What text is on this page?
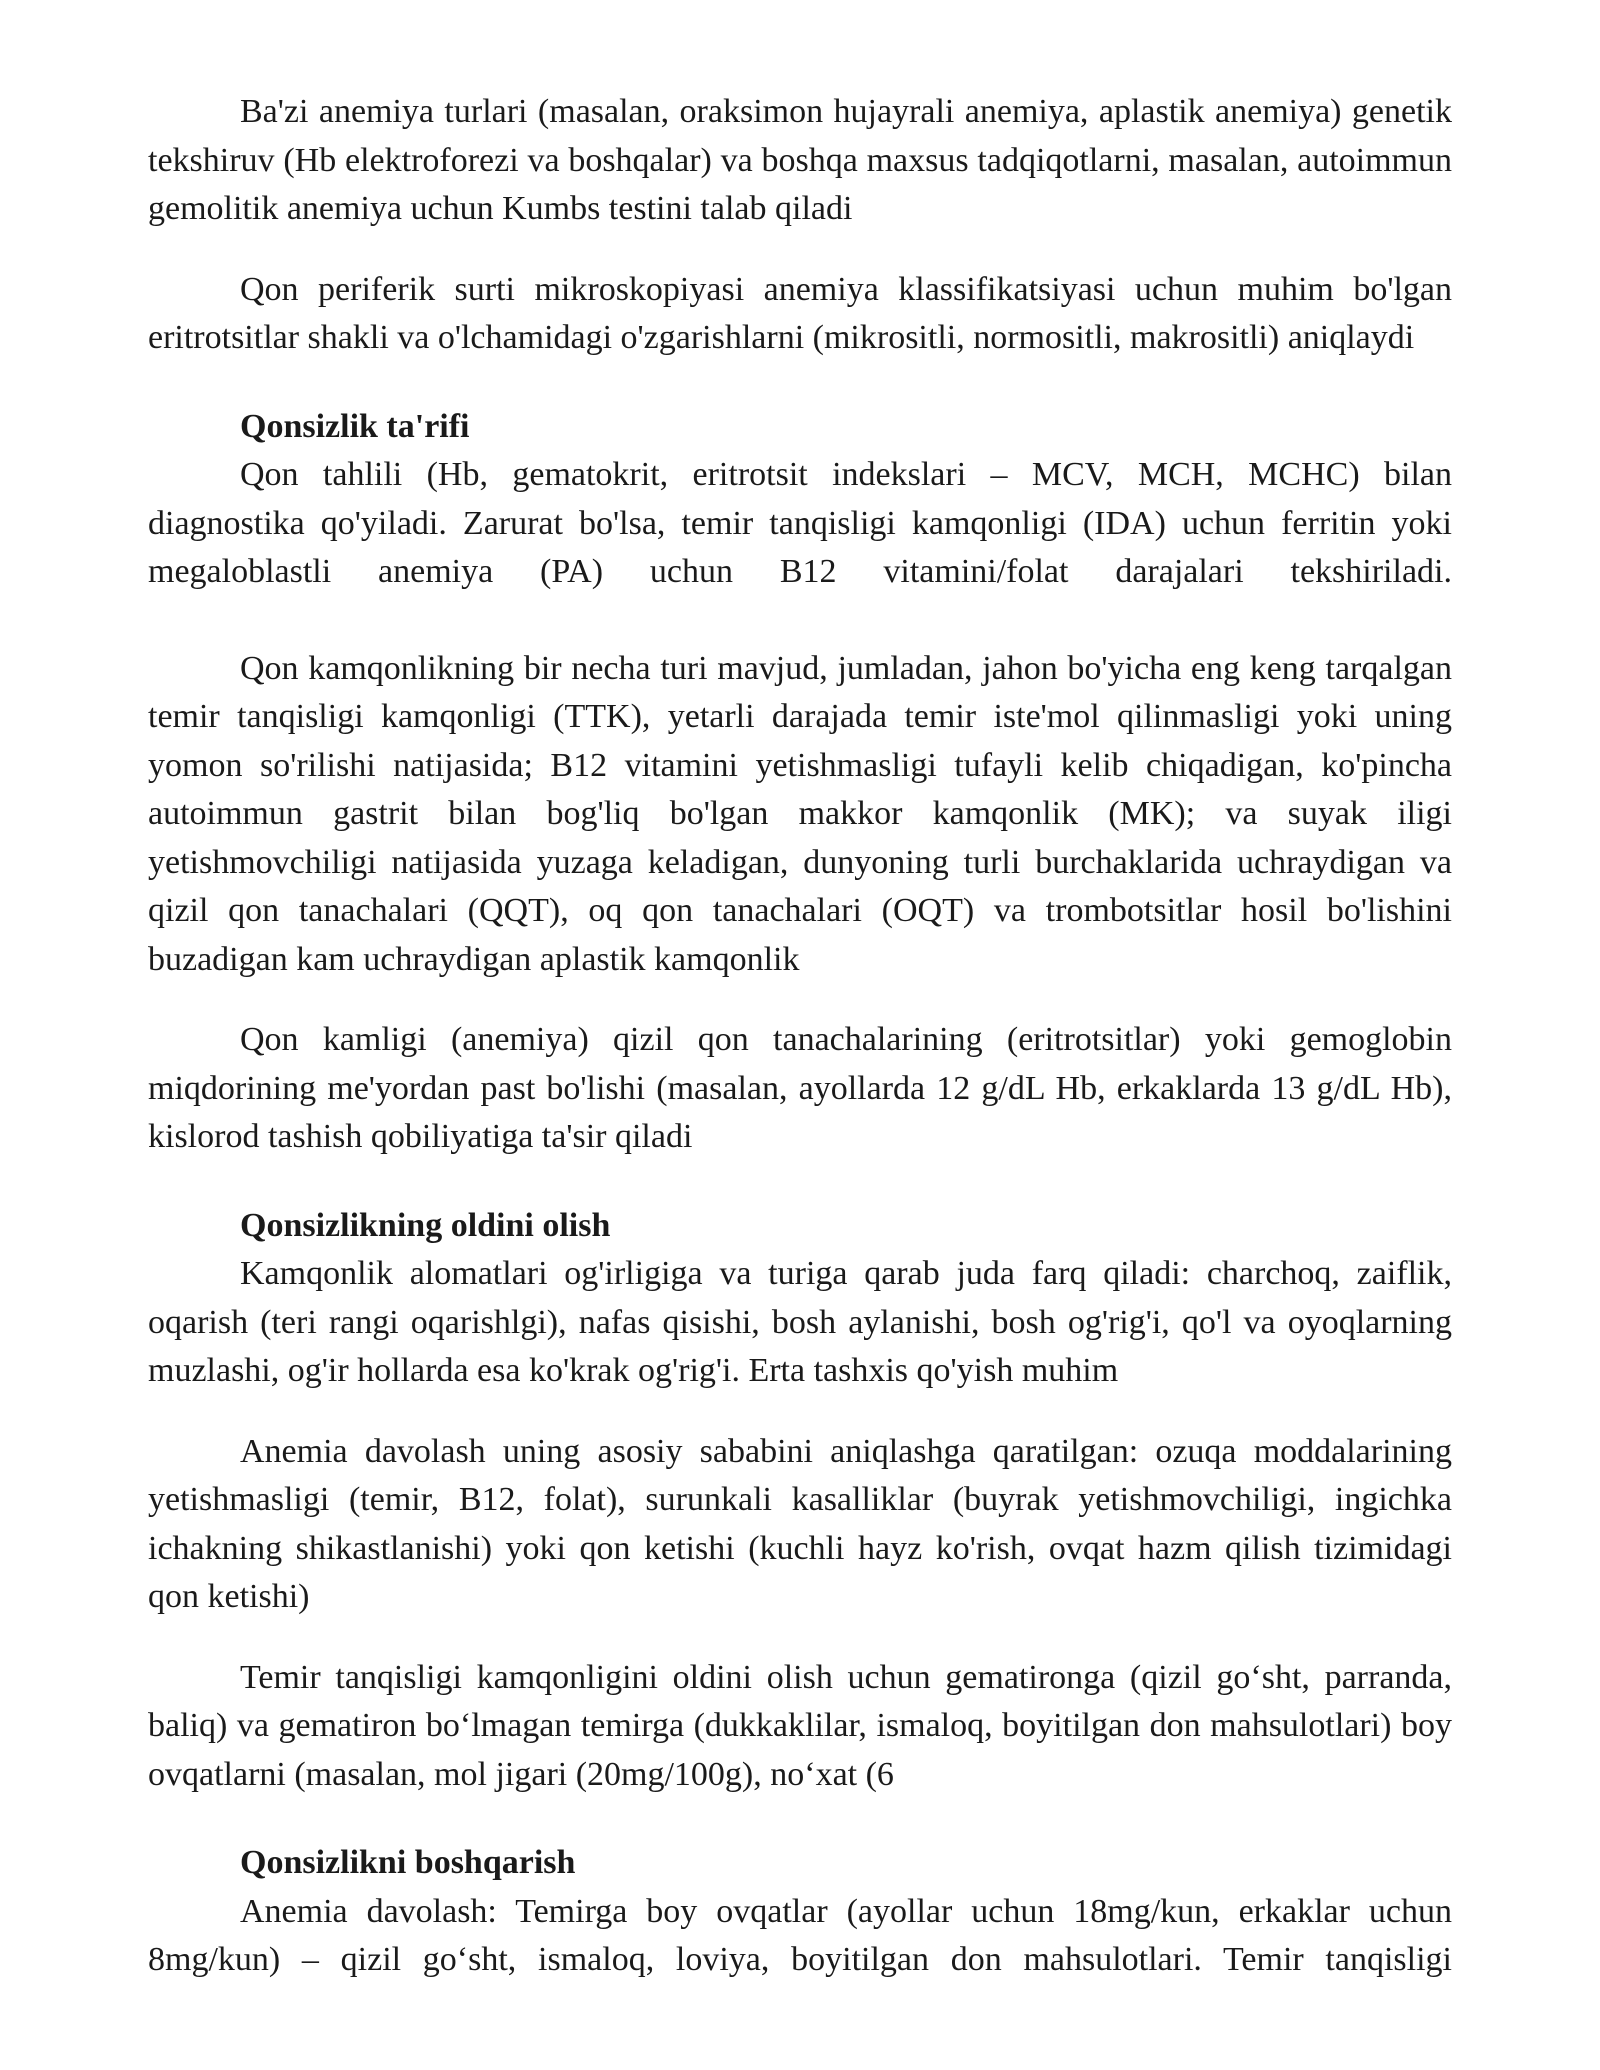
Ba'zi anemiya turlari (masalan, oraksimon hujayrali anemiya, aplastik anemiya) genetik tekshiruv (Hb elektroforezi va boshqalar) va boshqa maxsus tadqiqotlarni, masalan, autoimmun gemolitik anemiya uchun Kumbs testini talab qiladi

Qon periferik surti mikroskopiyasi anemiya klassifikatsiyasi uchun muhim bo'lgan eritrotsitlar shakli va o'lchamidagi o'zgarishlarni (mikrositli, normositli, makrositli) aniqlaydi

Qonsizlik ta'rifi

Qon tahlili (Hb, gematokrit, eritrotsit indekslari – MCV, MCH, MCHC) bilan diagnostika qo'yiladi. Zarurat bo'lsa, temir tanqisligi kamqonligi (IDA) uchun ferritin yoki megaloblastli anemiya (PA) uchun B12 vitamini/folat darajalari tekshiriladi.

Qon kamqonlikning bir necha turi mavjud, jumladan, jahon bo'yicha eng keng tarqalgan temir tanqisligi kamqonligi (TTK), yetarli darajada temir iste'mol qilinmasligi yoki uning yomon so'rilishi natijasida; B12 vitamini yetishmasligi tufayli kelib chiqadigan, ko'pincha autoimmun gastrit bilan bog'liq bo'lgan makkor kamqonlik (MK); va suyak iligi yetishmovchiligi natijasida yuzaga keladigan, dunyoning turli burchaklarida uchraydigan va qizil qon tanachalari (QQT), oq qon tanachalari (OQT) va trombotsitlar hosil bo'lishini buzadigan kam uchraydigan aplastik kamqonlik

Qon kamligi (anemiya) qizil qon tanachalarining (eritrotsitlar) yoki gemoglobin miqdorining me'yordan past bo'lishi (masalan, ayollarda 12 g/dL Hb, erkaklarda 13 g/dL Hb), kislorod tashish qobiliyatiga ta'sir qiladi

Qonsizlikning oldini olish

Kamqonlik alomatlari og'irligiga va turiga qarab juda farq qiladi: charchoq, zaiflik, oqarish (teri rangi oqarishlgi), nafas qisishi, bosh aylanishi, bosh og'rig'i, qo'l va oyoqlarning muzlashi, og'ir hollarda esa ko'krak og'rig'i. Erta tashxis qo'yish muhim

Anemia davolash uning asosiy sababini aniqlashga qaratilgan: ozuqa moddalarining yetishmasligi (temir, B12, folat), surunkali kasalliklar (buyrak yetishmovchiligi, ingichka ichakning shikastlanishi) yoki qon ketishi (kuchli hayz ko'rish, ovqat hazm qilish tizimidagi qon ketishi)

Temir tanqisligi kamqonligini oldini olish uchun gematironga (qizil go‘sht, parranda, baliq) va gematiron bo‘lmagan temirga (dukkaklilar, ismaloq, boyitilgan don mahsulotlari) boy ovqatlarni (masalan, mol jigari (20mg/100g), no‘xat (6

Qonsizlikni boshqarish

Anemia davolash: Temirga boy ovqatlar (ayollar uchun 18mg/kun, erkaklar uchun 8mg/kun) – qizil go‘sht, ismaloq, loviya, boyitilgan don mahsulotlari. Temir tanqisligi
